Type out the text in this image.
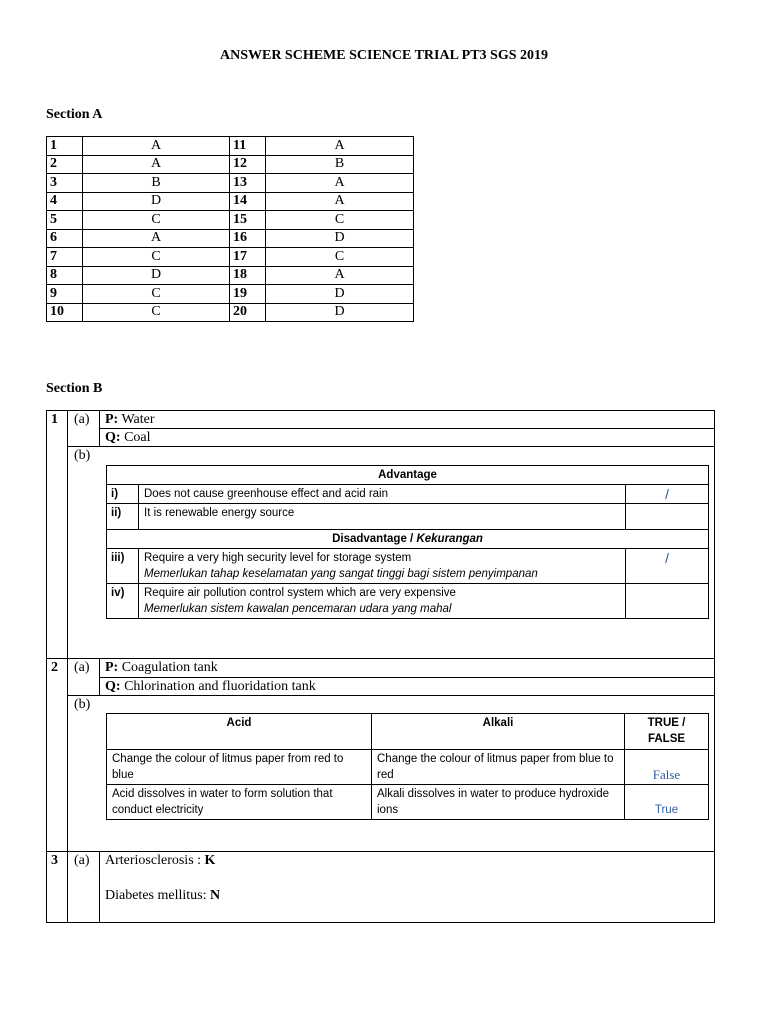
ANSWER SCHEME SCIENCE TRIAL PT3 SGS 2019
Section A
1	A	11	A
2	A	12	B
3	B	13	A
4	D	14	A
5	C	15	C
6	A	16	D
7	C	17	C
8	D	18	A
9	C	19	D
10	C	20	D
Section B
1 (a) P: Water
Q: Coal
(b)
Advantage		
i)	Does not cause greenhouse effect and acid rain	/
ii)	It is renewable energy source	
Disadvantage / Kekurangan		
iii)	Require a very high security level for storage system
Memerlukan tahap keselamatan yang sangat tinggi bagi sistem penyimpanan	/
iv)	Require air pollution control system which are very expensive
Memerlukan sistem kawalan pencemaran udara yang mahal	

2 (a) P: Coagulation tank
Q: Chlorination and fluoridation tank
(b)
Acid	Alkali	TRUE /
FALSE

Change the colour of litmus paper from red to blue	Change the colour of litmus paper from blue to red	False
Acid dissolves in water to form solution that conduct electricity	Alkali dissolves in water to produce hydroxide ions	True
3 (a) Arteriosclerosis : K
Diabetes mellitus: N
